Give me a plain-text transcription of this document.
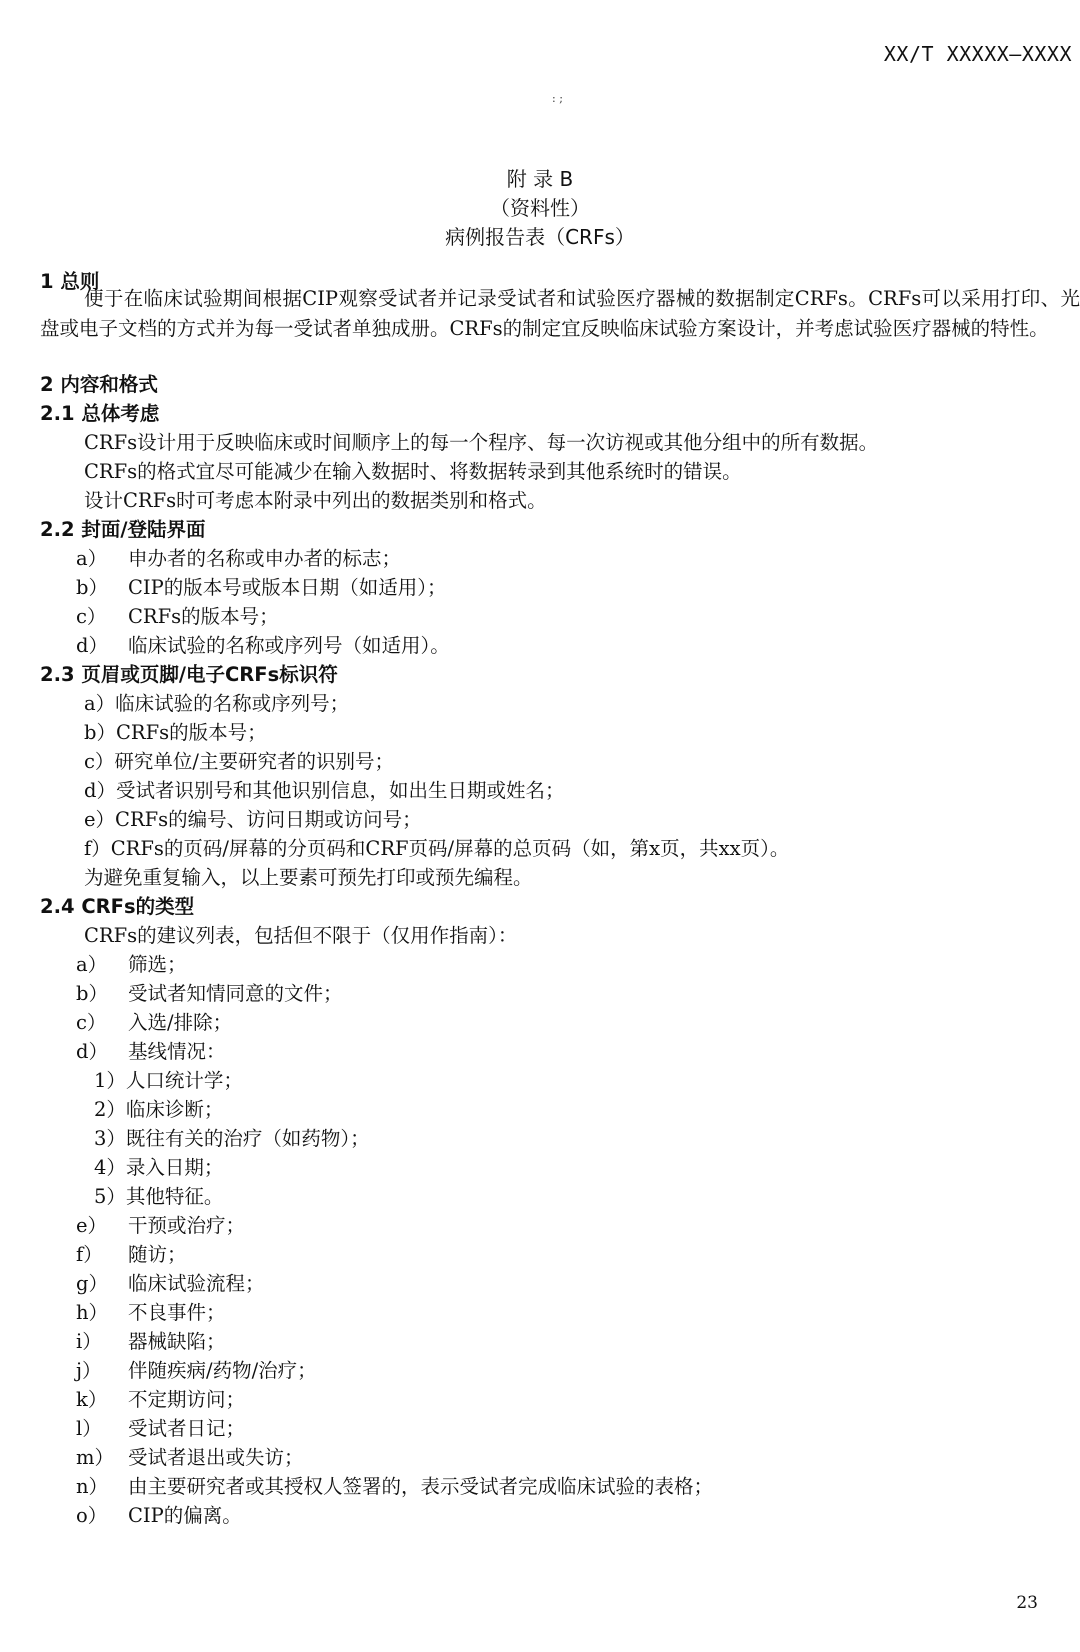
XX/T XXXXX—XXXX
: ;
附 录 B
（资料性）
病例报告表（CRFs）
1 总则
便于在临床试验期间根据CIP观察受试者并记录受试者和试验医疗器械的数据制定CRFs。CRFs可以采用打印、光盘或电子文档的方式并为每一受试者单独成册。CRFs的制定宜反映临床试验方案设计，并考虑试验医疗器械的特性。
2 内容和格式
2.1 总体考虑
CRFs设计用于反映临床或时间顺序上的每一个程序、每一次访视或其他分组中的所有数据。
CRFs的格式宜尽可能减少在输入数据时、将数据转录到其他系统时的错误。
设计CRFs时可考虑本附录中列出的数据类别和格式。
2.2 封面/登陆界面
a） 申办者的名称或申办者的标志；
b） CIP的版本号或版本日期（如适用）；
c） CRFs的版本号；
d） 临床试验的名称或序列号（如适用）。
2.3 页眉或页脚/电子CRFs标识符
a）临床试验的名称或序列号；
b）CRFs的版本号；
c）研究单位/主要研究者的识别号；
d）受试者识别号和其他识别信息，如出生日期或姓名；
e）CRFs的编号、访问日期或访问号；
f）CRFs的页码/屏幕的分页码和CRF页码/屏幕的总页码（如，第x页，共xx页）。
为避免重复输入，以上要素可预先打印或预先编程。
2.4 CRFs的类型
CRFs的建议列表，包括但不限于（仅用作指南）：
a） 筛选；
b） 受试者知情同意的文件；
c） 入选/排除；
d） 基线情况：
1）人口统计学；
2）临床诊断；
3）既往有关的治疗（如药物）；
4）录入日期；
5）其他特征。
e） 干预或治疗；
f） 随访；
g） 临床试验流程；
h） 不良事件；
i） 器械缺陷；
j） 伴随疾病/药物/治疗；
k） 不定期访问；
l） 受试者日记；
m） 受试者退出或失访；
n） 由主要研究者或其授权人签署的，表示受试者完成临床试验的表格；
o） CIP的偏离。
23
